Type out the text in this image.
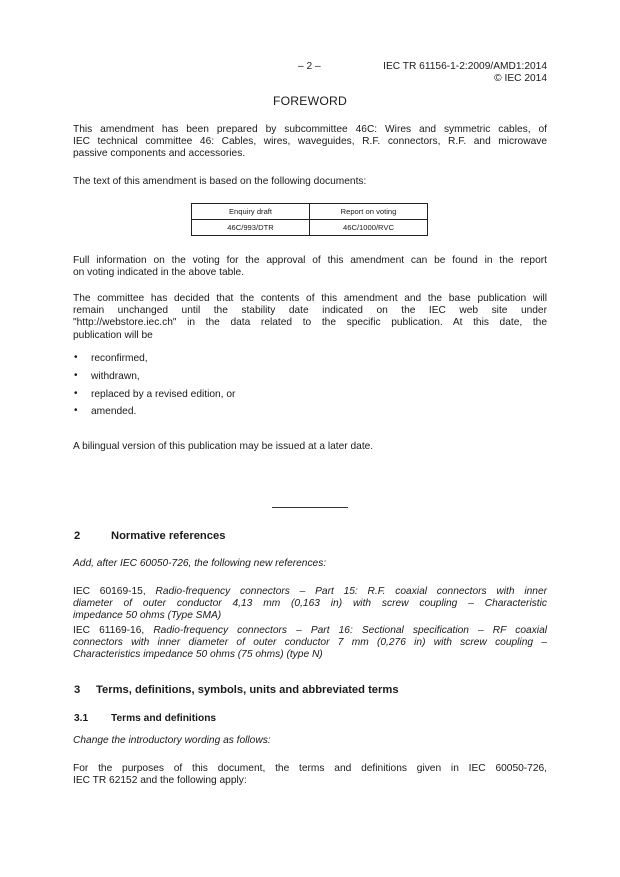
– 2 –	IEC TR 61156-1-2:2009/AMD1:2014
© IEC 2014
FOREWORD
This amendment has been prepared by subcommittee 46C: Wires and symmetric cables, of
IEC technical committee 46: Cables, wires, waveguides, R.F. connectors, R.F. and microwave
passive components and accessories.
The text of this amendment is based on the following documents:
Enquiry draft	Report on voting
46C/993/DTR	46C/1000/RVC
Full information on the voting for the approval of this amendment can be found in the report
on voting indicated in the above table.
The committee has decided that the contents of this amendment and the base publication will
remain unchanged until the stability date indicated on the IEC web site under
"http://webstore.iec.ch" in the data related to the specific publication. At this date, the
publication will be
• reconfirmed,
• withdrawn,
• replaced by a revised edition, or
• amended.
A bilingual version of this publication may be issued at a later date.
2	Normative references
Add, after IEC 60050-726, the following new references:
IEC 60169-15, Radio-frequency connectors – Part 15: R.F. coaxial connectors with inner
diameter of outer conductor 4,13 mm (0,163 in) with screw coupling – Characteristic
impedance 50 ohms (Type SMA)
IEC 61169-16, Radio-frequency connectors – Part 16: Sectional specification – RF coaxial
connectors with inner diameter of outer conductor 7 mm (0,276 in) with screw coupling –
Characteristics impedance 50 ohms (75 ohms) (type N)
3 Terms, definitions, symbols, units and abbreviated terms
3.1 Terms and definitions
Change the introductory wording as follows:
For the purposes of this document, the terms and definitions given in IEC 60050-726,
IEC TR 62152 and the following apply:
